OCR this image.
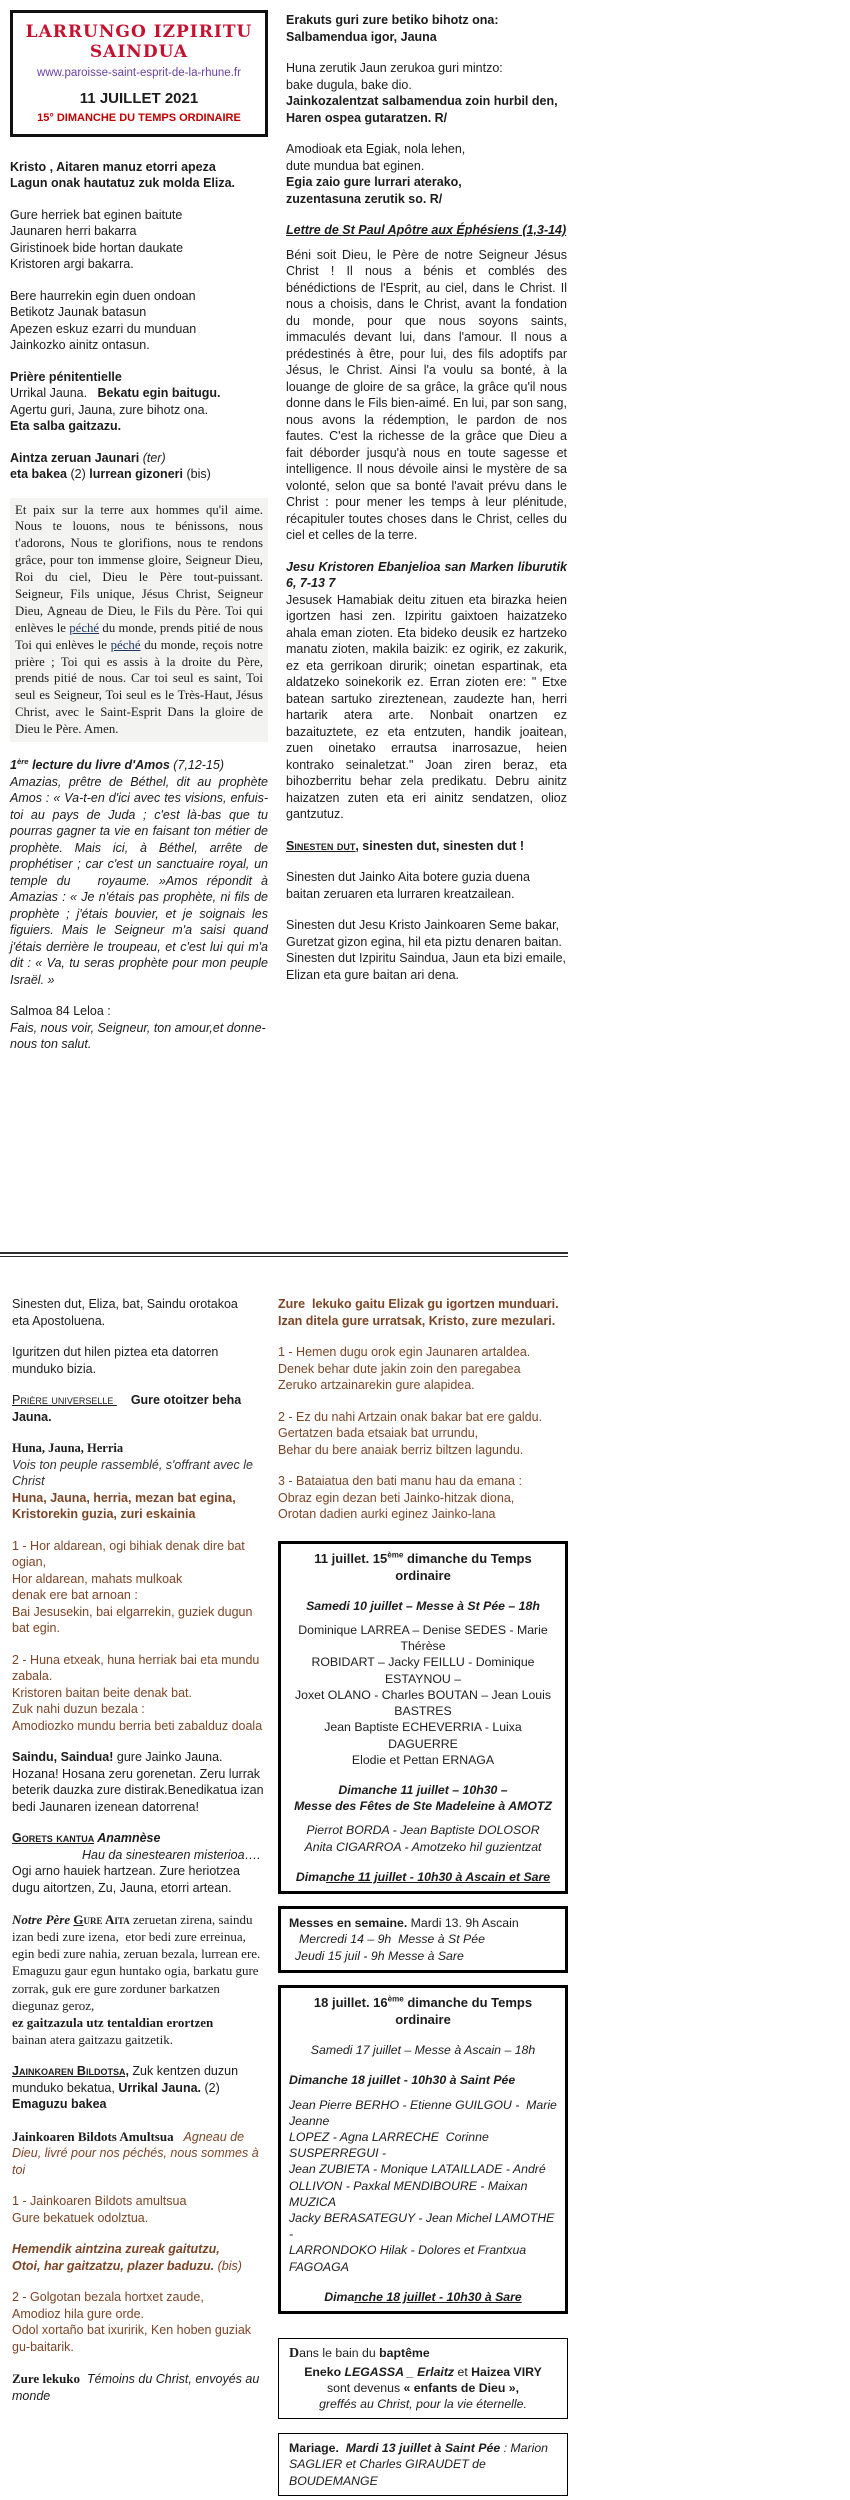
LARRUNGO IZPIRITU SAINDUA
www.paroisse-saint-esprit-de-la-rhune.fr
11 JUILLET 2021
15° DIMANCHE DU TEMPS ORDINAIRE
Kristo , Aitaren manuz etorri apeza
Lagun onak hautatuz zuk molda Eliza.
Gure herriek bat eginen baitute
Jaunaren herri bakarra
Giristinoek bide hortan daukate
Kristoren argi bakarra.
Bere haurrekin egin duen ondoan
Betikotz Jaunak batasun
Apezen eskuz ezarri du munduan
Jainkozko ainitz ontasun.
Prière pénitentielle
Urrikal Jauna.   Bekatu egin baitugu.
Agertu guri, Jauna, zure bihotz ona.
Eta salba gaitzazu.
Aintza zeruan Jaunari (ter)
eta bakea (2) lurrean gizoneri (bis)
Et paix sur la terre aux hommes qu'il aime. Nous te louons, nous te bénissons, nous t'adorons, Nous te glorifions, nous te rendons grâce, pour ton immense gloire, Seigneur Dieu, Roi du ciel, Dieu le Père tout-puissant. Seigneur, Fils unique, Jésus Christ, Seigneur Dieu, Agneau de Dieu, le Fils du Père. Toi qui enlèves le péché du monde, prends pitié de nous Toi qui enlèves le péché du monde, reçois notre prière ; Toi qui es assis à la droite du Père, prends pitié de nous. Car toi seul es saint, Toi seul es Seigneur, Toi seul es le Très-Haut, Jésus Christ, avec le Saint-Esprit Dans la gloire de Dieu le Père. Amen.
1ère lecture du livre d'Amos (7,12-15)
Amazias, prêtre de Béthel, dit au prophète Amos : « Va-t-en d'ici avec tes visions, enfuis-toi au pays de Juda ; c'est là-bas que tu pourras gagner ta vie en faisant ton métier de prophète. Mais ici, à Béthel, arrête de prophétiser ; car c'est un sanctuaire royal, un temple du   royaume. »Amos répondit à Amazias : « Je n'étais pas prophète, ni fils de prophète ; j'étais bouvier, et je soignais les figuiers. Mais le Seigneur m'a saisi quand j'étais derrière le troupeau, et c'est lui qui m'a dit : « Va, tu seras prophète pour mon peuple Israël. »
Salmoa 84 Leloa :
Fais, nous voir, Seigneur, ton amour,et donne-nous ton salut.
Erakuts guri zure betiko bihotz ona:
Salbamendua igor, Jauna
Huna zerutik Jaun zerukoa guri mintzo:
bake dugula, bake dio.
Jainkozalentzat salbamendua zoin hurbil den,
Haren ospea gutaratzen. R/
Amodioak eta Egiak, nola lehen,
dute mundua bat eginen.
Egia zaio gure lurrari aterako,
zuzentasuna zerutik so. R/
Lettre de St Paul Apôtre aux Éphésiens (1,3-14)
Béni soit Dieu, le Père de notre Seigneur Jésus Christ ! Il nous a bénis et comblés des bénédictions de l'Esprit, au ciel, dans le Christ. Il nous a choisis, dans le Christ, avant la fondation du monde, pour que nous soyons saints, immaculés devant lui, dans l'amour. Il nous a prédestinés à être, pour lui, des fils adoptifs par Jésus, le Christ. Ainsi l'a voulu sa bonté, à la louange de gloire de sa grâce, la grâce qu'il nous donne dans le Fils bien-aimé. En lui, par son sang, nous avons la rédemption, le pardon de nos fautes. C'est la richesse de la grâce que Dieu a fait déborder jusqu'à nous en toute sagesse et intelligence. Il nous dévoile ainsi le mystère de sa volonté, selon que sa bonté l'avait prévu dans le Christ : pour mener les temps à leur plénitude, récapituler toutes choses dans le Christ, celles du ciel et celles de la terre.
Jesu Kristoren Ebanjelioa san Marken liburutik 6, 7-13 7
Jesusek Hamabiak deitu zituen eta birazka heien igortzen hasi zen. Izpiritu gaixtoen haizatzeko ahala eman zioten. Eta bideko deusik ez hartzeko manatu zioten, makila baizik: ez ogirik, ez zakurik, ez eta gerrikoan dirurik; oinetan espartinak, eta aldatzeko soinekorik ez. Erran zioten ere: " Etxe batean sartuko zireztenean, zaudezte han, herri hartarik atera arte. Nonbait onartzen ez bazaituztete, ez eta entzuten, handik joaitean, zuen oinetako errautsa inarrosazue, heien kontrako seinaletzat." Joan ziren beraz, eta bihozberritu behar zela predikatu. Debru ainitz haizatzen zuten eta eri ainitz sendatzen, olioz gantzutuz.
Sinesten dut, sinesten dut, sinesten dut !
Sinesten dut Jainko Aita botere guzia duena baitan zeruaren eta lurraren kreatzailean.
Sinesten dut Jesu Kristo Jainkoaren Seme bakar, Guretzat gizon egina, hil eta piztu denaren baitan. Sinesten dut Izpiritu Saindua, Jaun eta bizi emaile, Elizan eta gure baitan ari dena.
Sinesten dut, Eliza, bat, Saindu orotakoa
eta Apostoluena.
Iguritzen dut hilen piztea eta datorren munduko bizia.
Prière universelle Gure otoitzer beha Jauna.
Huna, Jauna, Herria
Vois ton peuple rassemblé, s'offrant avec le Christ
Huna, Jauna, herria, mezan bat egina,
Kristorekin guzia, zuri eskainia
1 - Hor aldarean, ogi bihiak denak dire bat ogian,
Hor aldarean, mahats mulkoak
denak ere bat arnoan :
Bai Jesusekin, bai elgarrekin, guziek dugun bat egin.
2 - Huna etxeak, huna herriak bai eta mundu zabala.
Kristoren baitan beite denak bat.
Zuk nahi duzun bezala :
Amodiozko mundu berria beti zabalduz doala
Saindu, Saindua! gure Jainko Jauna. Hozana! Hosana zeru gorenetan. Zeru lurrak beterik dauzka zure distirak.Benedikatua izan bedi Jaunaren izenean datorrena!
Gorets kantua Anamnèse
Hau da sinestearen misterioa….
Ogi arno hauiek hartzean. Zure heriotzea dugu aitortzen, Zu, Jauna, etorri artean.
Notre Père Gure Aita zeruetan zirena, saindu izan bedi zure izena,  etor bedi zure erreinua, egin bedi zure nahia, zeruan bezala, lurrean ere. Emaguzu gaur egun huntako ogia, barkatu gure zorrak, guk ere gure zorduner barkatzen diegunaz geroz,
ez gaitzazula utz tentaldian erortzen
bainan atera gaitzazu gaitzetik.
Jainkoaren Bildotsa, Zuk kentzen duzun munduko bekatua, Urrikal Jauna. (2)  Emaguzu bakea
Jainkoaren Bildots Amultsua   Agneau de Dieu, livré pour nos péchés, nous sommes à toi
1 - Jainkoaren Bildots amultsua
Gure bekatuek odolztua.
Hemendik aintzina zureak gaitutzu,
Otoi, har gaitzatzu, plazer baduzu. (bis)
2 - Golgotan bezala hortxet zaude,
Amodioz hila gure orde.
Odol xortaño bat ixuririk, Ken hoben guziak gu-baitarik.
Zure lekuko  Témoins du Christ, envoyés au monde
Zure  lekuko gaitu Elizak gu igortzen munduari.
Izan ditela gure urratsak, Kristo, zure mezulari.
1 - Hemen dugu orok egin Jaunaren artaldea.
Denek behar dute jakin zoin den paregabea
Zeruko artzainarekin gure alapidea.
2 - Ez du nahi Artzain onak bakar bat ere galdu.
Gertatzen bada etsaiak bat urrundu,
Behar du bere anaiak berriz biltzen lagundu.
3 - Bataiatua den bati manu hau da emana :
Obraz egin dezan beti Jainko-hitzak diona,
Orotan dadien aurki eginez Jainko-lana
11 juillet. 15ème dimanche du Temps ordinaire
Samedi 10 juillet – Messe à St Pée – 18h
Dominique LARREA – Denise SEDES - Marie Thérèse
ROBIDART – Jacky FEILLU - Dominique ESTAYNOU –
Joxet OLANO - Charles BOUTAN – Jean Louis BASTRES
Jean Baptiste ECHEVERRIA - Luixa DAGUERRE
Elodie et Pettan ERNAGA
Dimanche 11 juillet – 10h30 –
Messe des Fêtes de Ste Madeleine à AMOTZ
Pierrot BORDA - Jean Baptiste DOLOSOR
Anita CIGARROA - Amotzeko hil guzientzat
Dimanche 11 juillet - 10h30 à Ascain et Sare
Messes en semaine. Mardi 13. 9h Ascain
Mercredi 14 – 9h  Messe à St Pée
Jeudi 15 juil - 9h Messe à Sare
18 juillet. 16ème dimanche du Temps ordinaire
Samedi 17 juillet – Messe à Ascain – 18h
Dimanche 18 juillet - 10h30 à Saint Pée
Jean Pierre BERHO - Etienne GUILGOU -  Marie Jeanne
LOPEZ - Agna LARRECHE  Corinne SUSPERREGUI -
Jean ZUBIETA - Monique LATAILLADE - André
OLLIVON - Paxkal MENDIBOURE - Maixan MUZICA
Jacky BERASATEGUY - Jean Michel LAMOTHE -
LARRONDOKO Hilak - Dolores et Frantxua FAGOAGA
Dimanche 18 juillet - 10h30 à Sare
Dans le bain du baptême
Eneko LEGASSA _ Erlaitz et Haizea VIRY
sont devenus « enfants de Dieu »,
greffés au Christ, pour la vie éternelle.
Mariage.  Mardi 13 juillet à Saint Pée : Marion SAGLIER et Charles GIRAUDET de BOUDEMANGE
